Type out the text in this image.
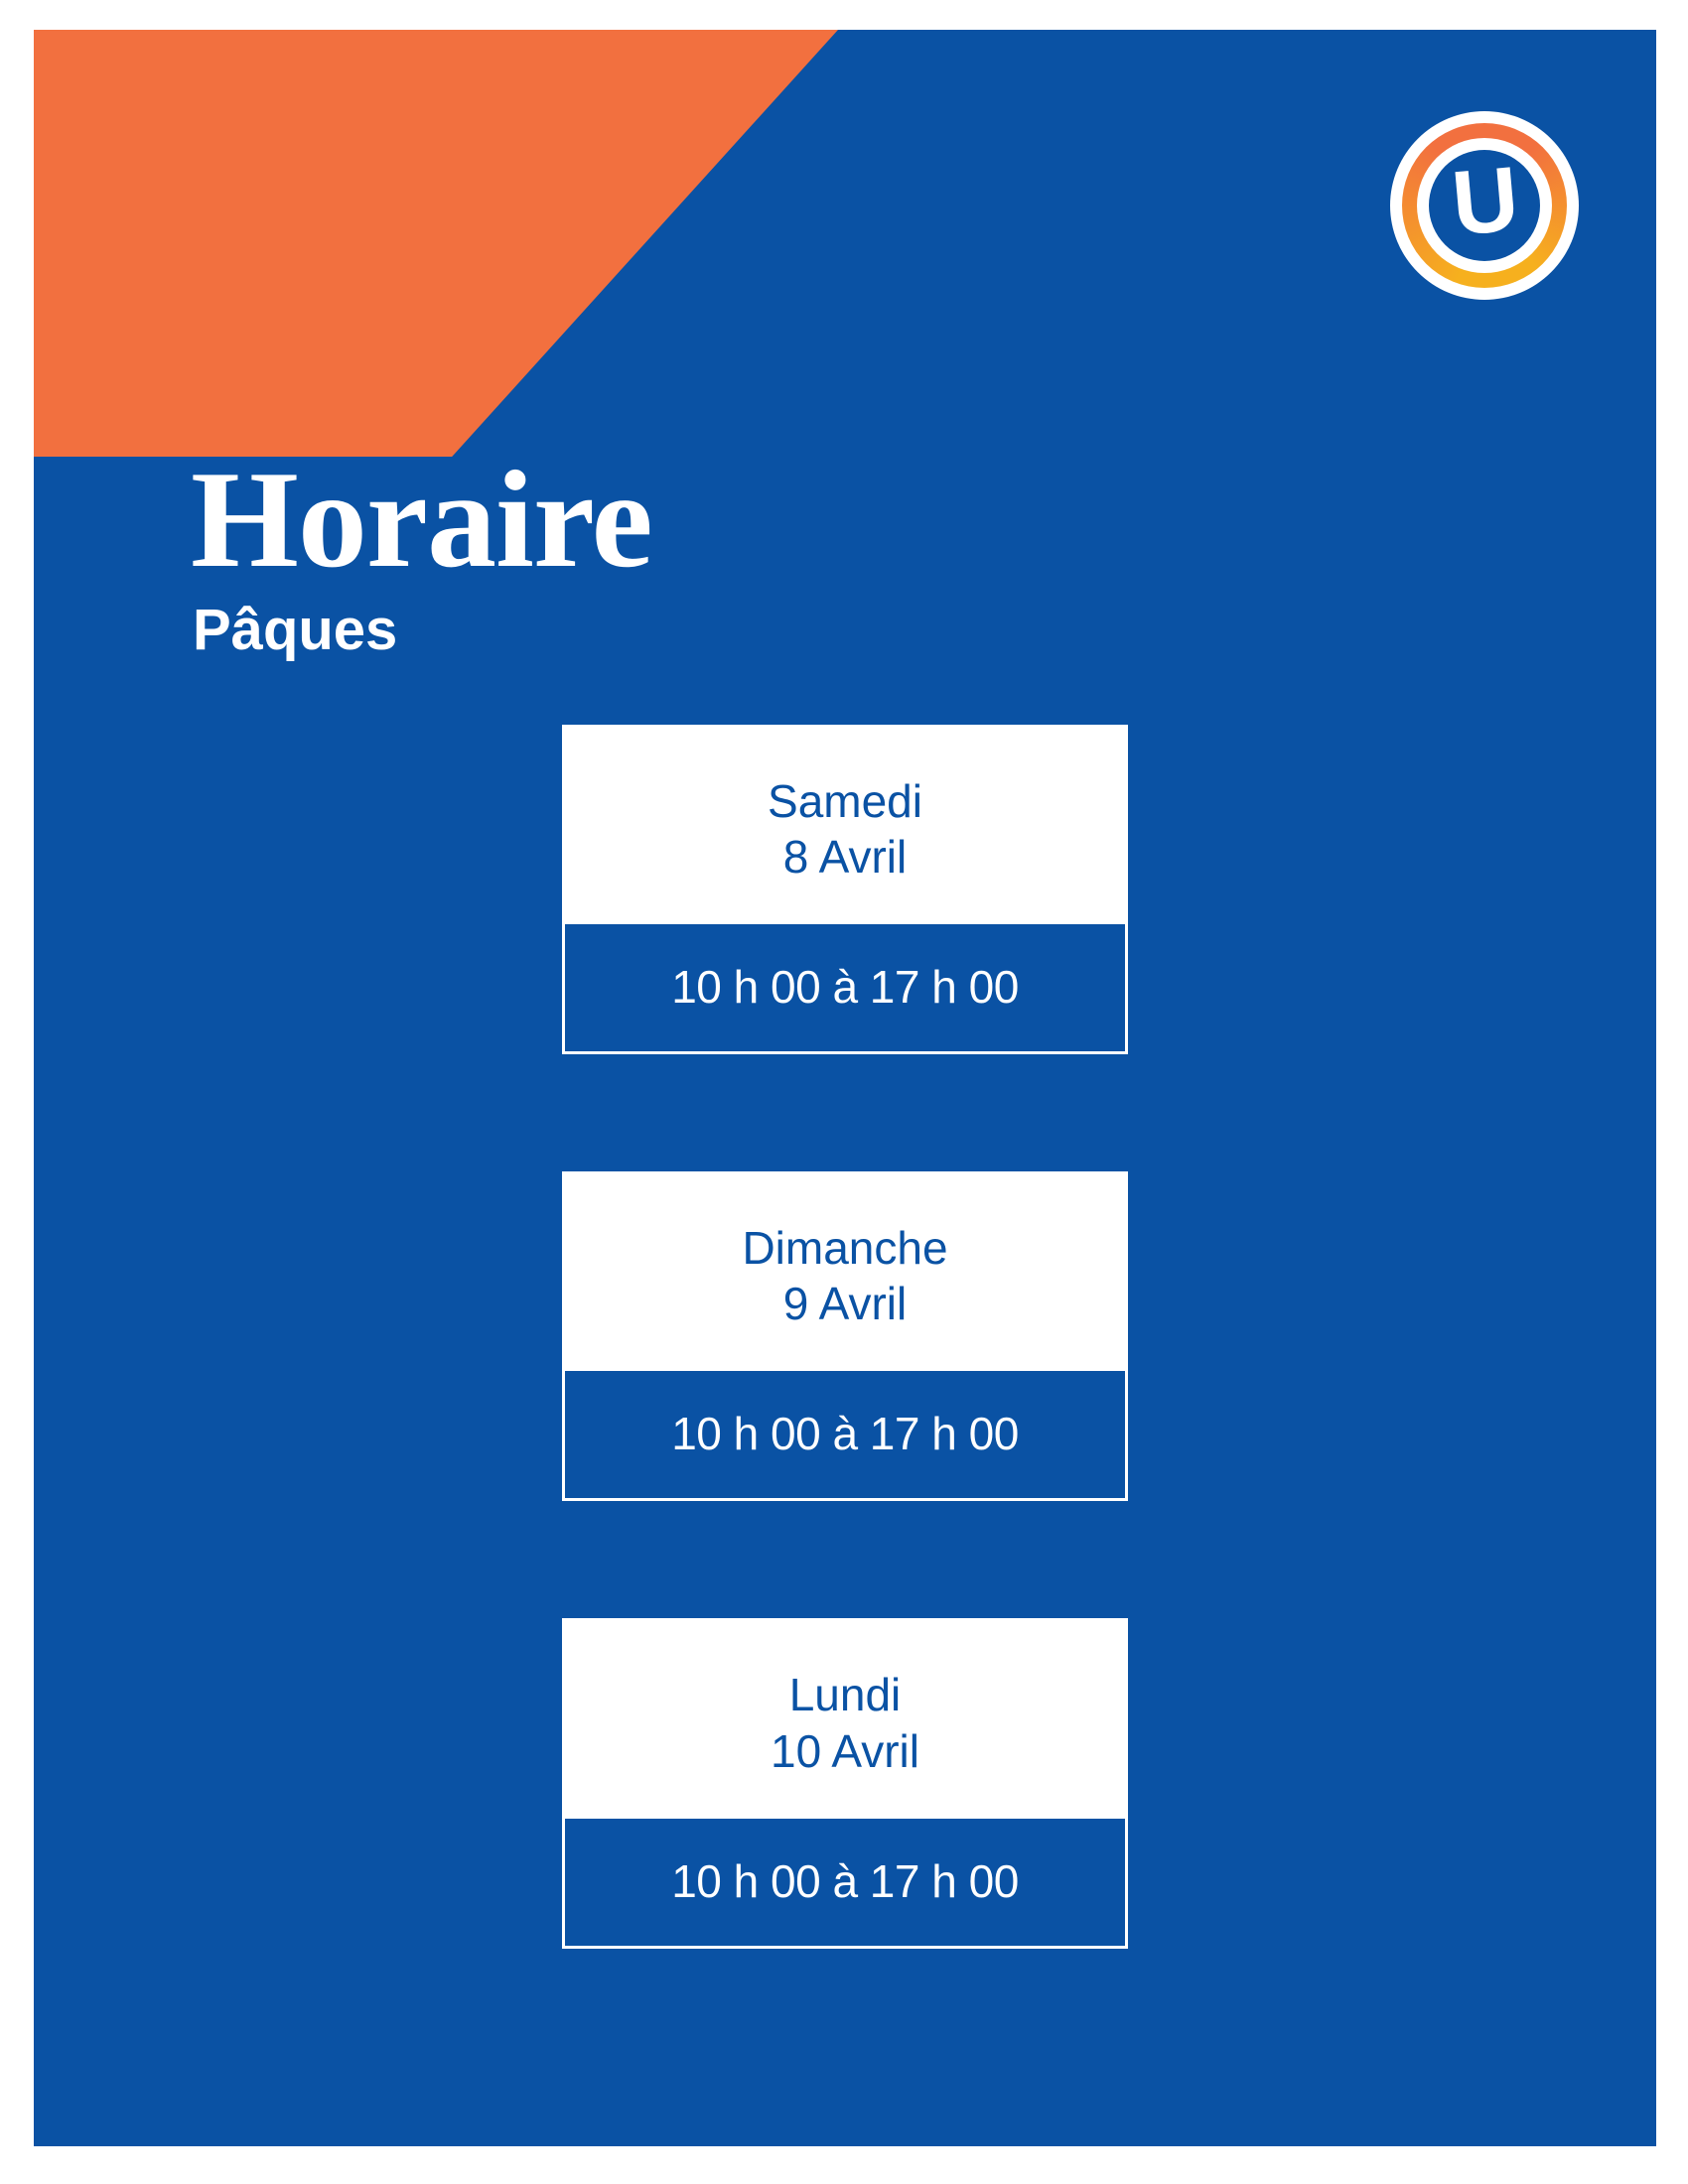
U
Horaire
Pâques
Samedi
8 Avril
10 h 00 à 17 h 00
Dimanche
9 Avril
10 h 00 à 17 h 00
Lundi
10 Avril
10 h 00 à 17 h 00
